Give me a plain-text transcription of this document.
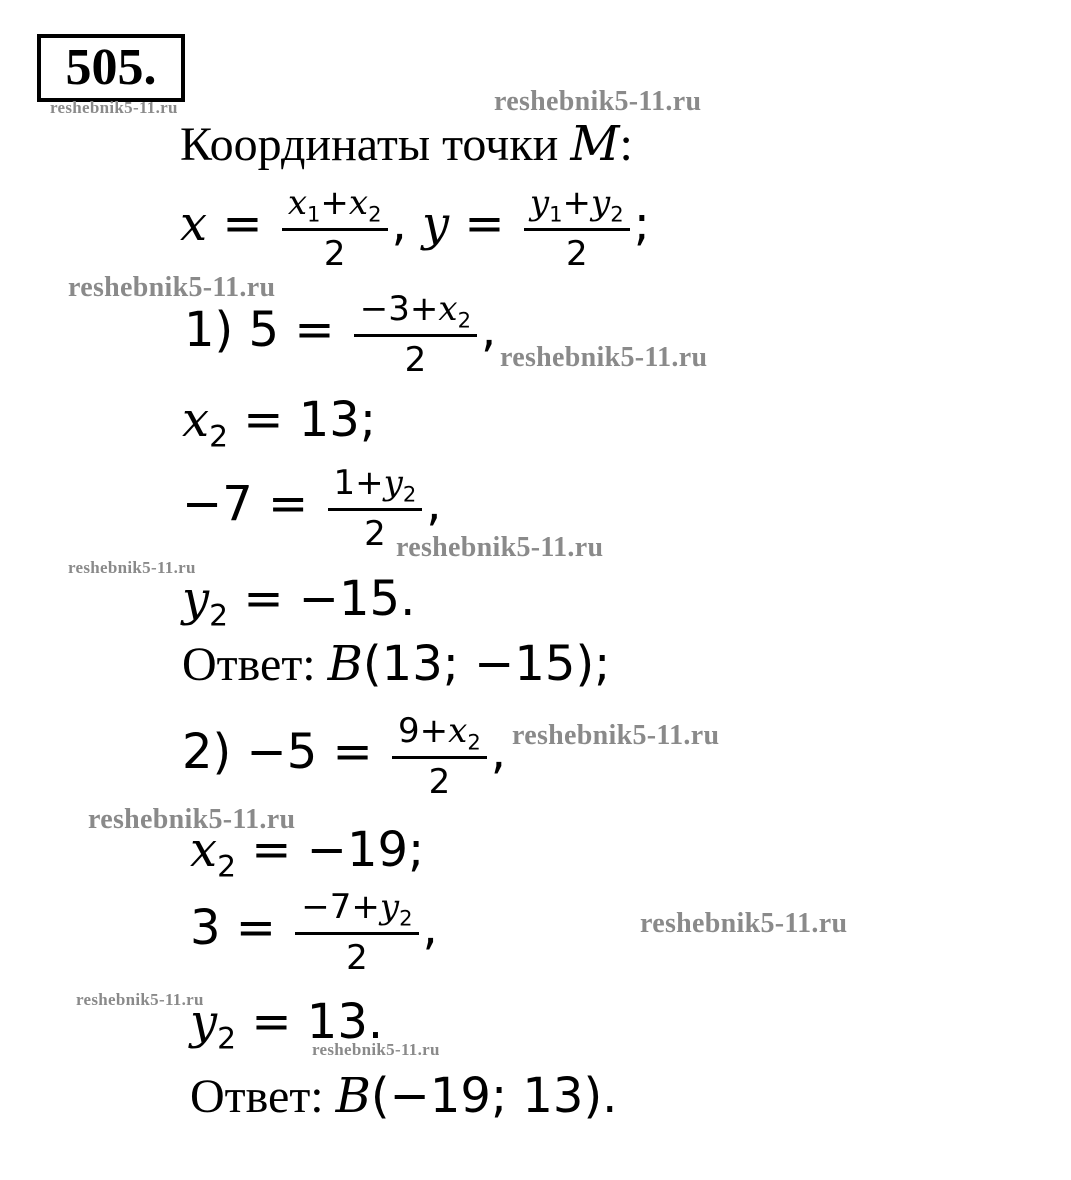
505.
Координаты точки M:
$x = \frac{x_1+x_2}{2}$ , $y = \frac{y_1+y_2}{2}$ ;
1) $5 = \frac{-3+x_2}{2}$ ,
$x_2 = 13$;
$-7 = \frac{1+y_2}{2}$ ,
$y_2 = -15$.
Ответ: B(13; −15);
$2) -5 = \frac{9+x_2}{2}$ ,
$x_2 = -19$;
$3 = \frac{-7+y_2}{2}$ ,
$y_2 = 13$.
Ответ: B(−19; 13).
reshebnik5-11.ru	reshebnik5-11.ru
reshebnik5-11.ru
reshebnik5-11.ru
reshebnik5-11.ru
reshebnik5-11.ru
reshebnik5-11.ru
reshebnik5-11.ru
reshebnik5-11.ru
reshebnik5-11.ru
reshebnik5-11.ru
